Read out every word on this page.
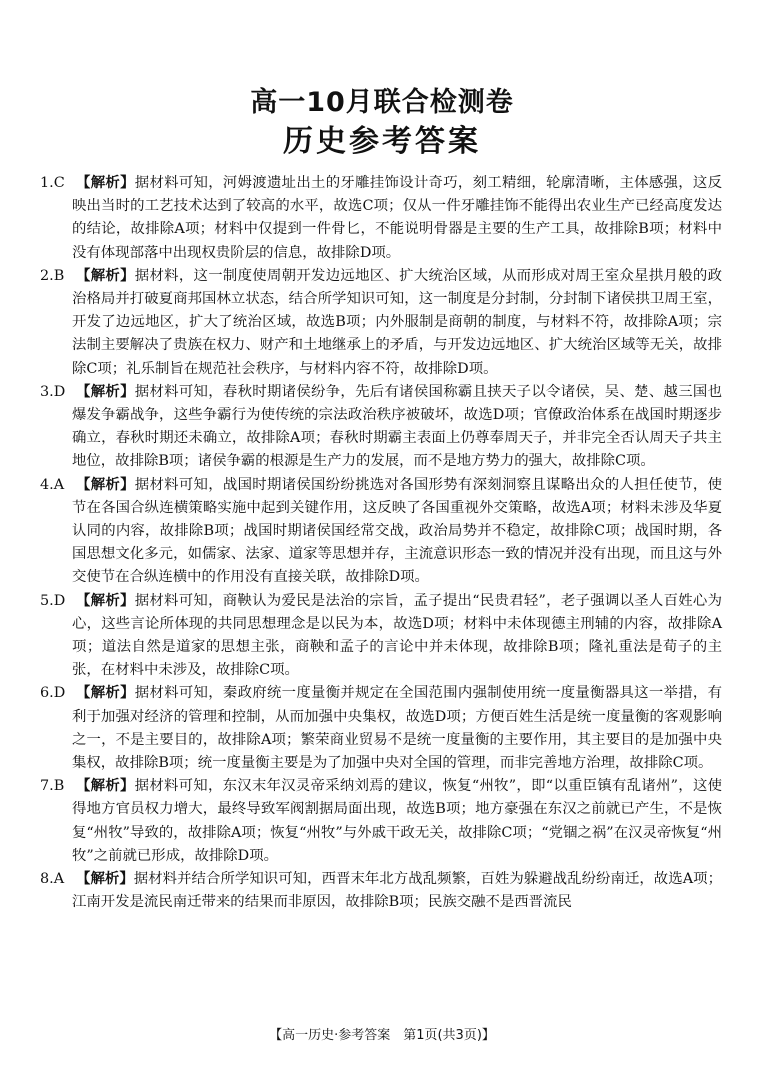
高一10月联合检测卷
历史参考答案
1.C 【解析】据材料可知，河姆渡遗址出土的牙雕挂饰设计奇巧，刻工精细，轮廓清晰，主体感强，这反映出当时的工艺技术达到了较高的水平，故选C项；仅从一件牙雕挂饰不能得出农业生产已经高度发达的结论，故排除A项；材料中仅提到一件骨匕，不能说明骨器是主要的生产工具，故排除B项；材料中没有体现部落中出现权贵阶层的信息，故排除D项。
2.B 【解析】据材料，这一制度使周朝开发边远地区、扩大统治区域，从而形成对周王室众星拱月般的政治格局并打破夏商邦国林立状态，结合所学知识可知，这一制度是分封制，分封制下诸侯拱卫周王室，开发了边远地区，扩大了统治区域，故选B项；内外服制是商朝的制度，与材料不符，故排除A项；宗法制主要解决了贵族在权力、财产和土地继承上的矛盾，与开发边远地区、扩大统治区域等无关，故排除C项；礼乐制旨在规范社会秩序，与材料内容不符，故排除D项。
3.D 【解析】据材料可知，春秋时期诸侯纷争，先后有诸侯国称霸且挟天子以令诸侯，吴、楚、越三国也爆发争霸战争，这些争霸行为使传统的宗法政治秩序被破坏，故选D项；官僚政治体系在战国时期逐步确立，春秋时期还未确立，故排除A项；春秋时期霸主表面上仍尊奉周天子，并非完全否认周天子共主地位，故排除B项；诸侯争霸的根源是生产力的发展，而不是地方势力的强大，故排除C项。
4.A 【解析】据材料可知，战国时期诸侯国纷纷挑选对各国形势有深刻洞察且谋略出众的人担任使节，使节在各国合纵连横策略实施中起到关键作用，这反映了各国重视外交策略，故选A项；材料未涉及华夏认同的内容，故排除B项；战国时期诸侯国经常交战，政治局势并不稳定，故排除C项；战国时期，各国思想文化多元，如儒家、法家、道家等思想并存，主流意识形态一致的情况并没有出现，而且这与外交使节在合纵连横中的作用没有直接关联，故排除D项。
5.D 【解析】据材料可知，商鞅认为爱民是法治的宗旨，孟子提出“民贵君轻”，老子强调以圣人百姓心为心，这些言论所体现的共同思想理念是以民为本，故选D项；材料中未体现德主刑辅的内容，故排除A项；道法自然是道家的思想主张，商鞅和孟子的言论中并未体现，故排除B项；隆礼重法是荀子的主张，在材料中未涉及，故排除C项。
6.D 【解析】据材料可知，秦政府统一度量衡并规定在全国范围内强制使用统一度量衡器具这一举措，有利于加强对经济的管理和控制，从而加强中央集权，故选D项；方便百姓生活是统一度量衡的客观影响之一，不是主要目的，故排除A项；繁荣商业贸易不是统一度量衡的主要作用，其主要目的是加强中央集权，故排除B项；统一度量衡主要是为了加强中央对全国的管理，而非完善地方治理，故排除C项。
7.B 【解析】据材料可知，东汉末年汉灵帝采纳刘焉的建议，恢复“州牧”，即“以重臣镇有乱诸州”，这使得地方官员权力增大，最终导致军阀割据局面出现，故选B项；地方豪强在东汉之前就已产生，不是恢复“州牧”导致的，故排除A项；恢复“州牧”与外戚干政无关，故排除C项；“党锢之祸”在汉灵帝恢复“州牧”之前就已形成，故排除D项。
8.A 【解析】据材料并结合所学知识可知，西晋末年北方战乱频繁，百姓为躲避战乱纷纷南迁，故选A项；江南开发是流民南迁带来的结果而非原因，故排除B项；民族交融不是西晋流民
【高一历史·参考答案　第1页(共3页)】
